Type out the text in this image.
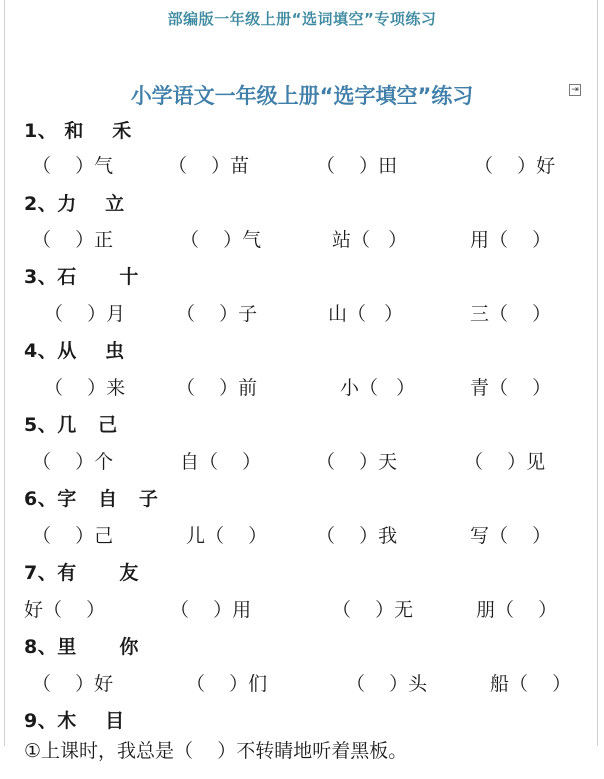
部编版一年级上册“选词填空”专项练习
小学语文一年级上册“选字填空”练习	⇥
1、 和    禾

（    ）气

	（    ）苗

	（    ）田

	（    ）好

2、力    立

（    ）正

	（    ）气

	站（   ）

	用（    ）

3、石      十

（    ）月

	（    ）子

	山（   ）

	三（    ）

4、从    虫

（    ）来

	（    ）前

	小（   ）

	青（    ）

5、几   己

（    ）个

	自（    ）

	（    ）天

	（    ）见

6、字   自   子

（    ）己

	儿（    ）

	（    ）我

	写（    ）

7、有      友

好（    ）

	（    ）用

	（    ）无

	朋（    ）

8、里      你

（    ）好

	（    ）们

	（    ）头

	船（    ）

9、木    目
①上课时，我总是（    ）不转睛地听着黑板。
